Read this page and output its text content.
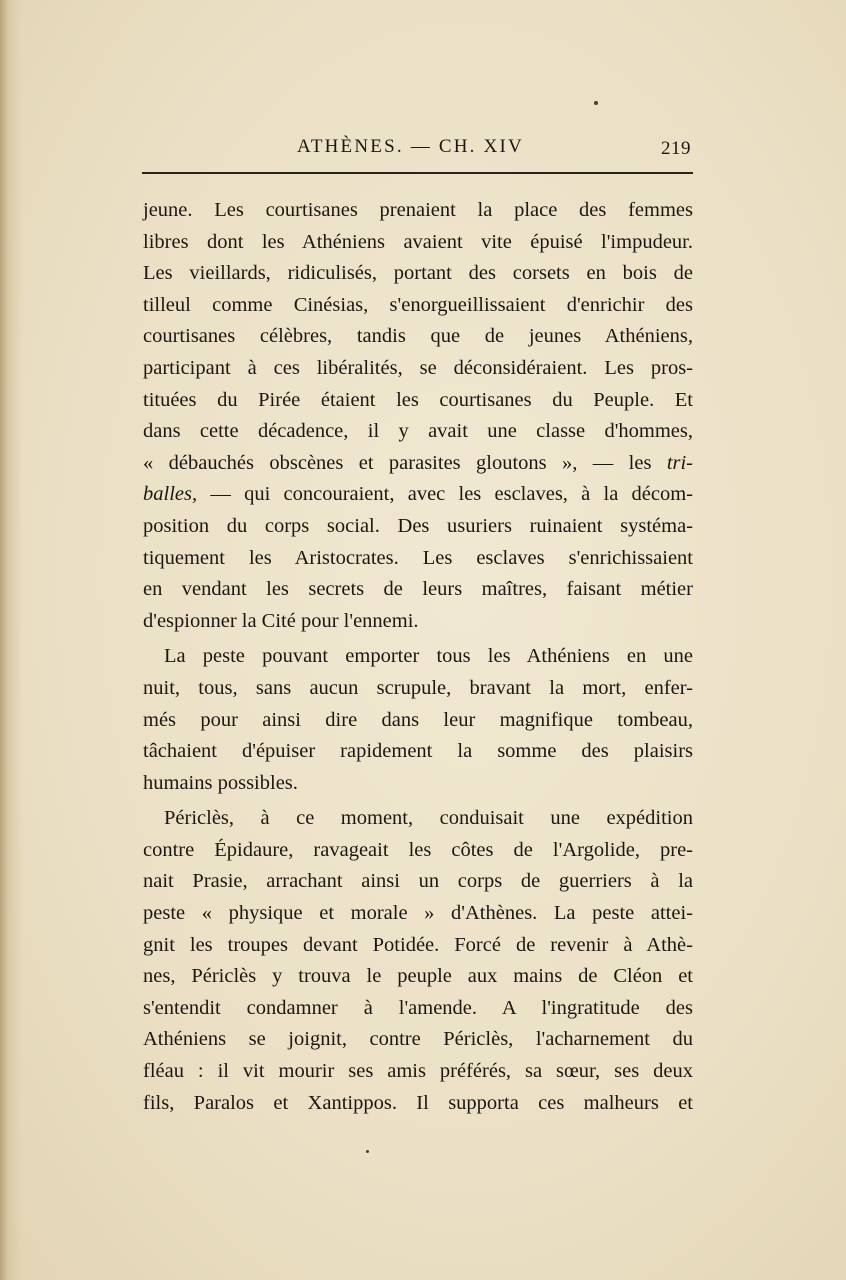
ATHÈNES. — CH. XIV	219
jeune. Les courtisanes prenaient la place des femmes
libres dont les Athéniens avaient vite épuisé l'impudeur.
Les vieillards, ridiculisés, portant des corsets en bois de
tilleul comme Cinésias, s'enorgueillissaient d'enrichir des
courtisanes célèbres, tandis que de jeunes Athéniens,
participant à ces libéralités, se déconsidéraient. Les pros-
tituées du Pirée étaient les courtisanes du Peuple. Et
dans cette décadence, il y avait une classe d'hommes,
« débauchés obscènes et parasites gloutons », — les tri-
balles, — qui concouraient, avec les esclaves, à la décom-
position du corps social. Des usuriers ruinaient systéma-
tiquement les Aristocrates. Les esclaves s'enrichissaient
en vendant les secrets de leurs maîtres, faisant métier
d'espionner la Cité pour l'ennemi.
La peste pouvant emporter tous les Athéniens en une
nuit, tous, sans aucun scrupule, bravant la mort, enfer-
més pour ainsi dire dans leur magnifique tombeau,
tâchaient d'épuiser rapidement la somme des plaisirs
humains possibles.
Périclès, à ce moment, conduisait une expédition
contre Épidaure, ravageait les côtes de l'Argolide, pre-
nait Prasie, arrachant ainsi un corps de guerriers à la
peste « physique et morale » d'Athènes. La peste attei-
gnit les troupes devant Potidée. Forcé de revenir à Athè-
nes, Périclès y trouva le peuple aux mains de Cléon et
s'entendit condamner à l'amende. A l'ingratitude des
Athéniens se joignit, contre Périclès, l'acharnement du
fléau : il vit mourir ses amis préférés, sa sœur, ses deux
fils, Paralos et Xantippos. Il supporta ces malheurs et
